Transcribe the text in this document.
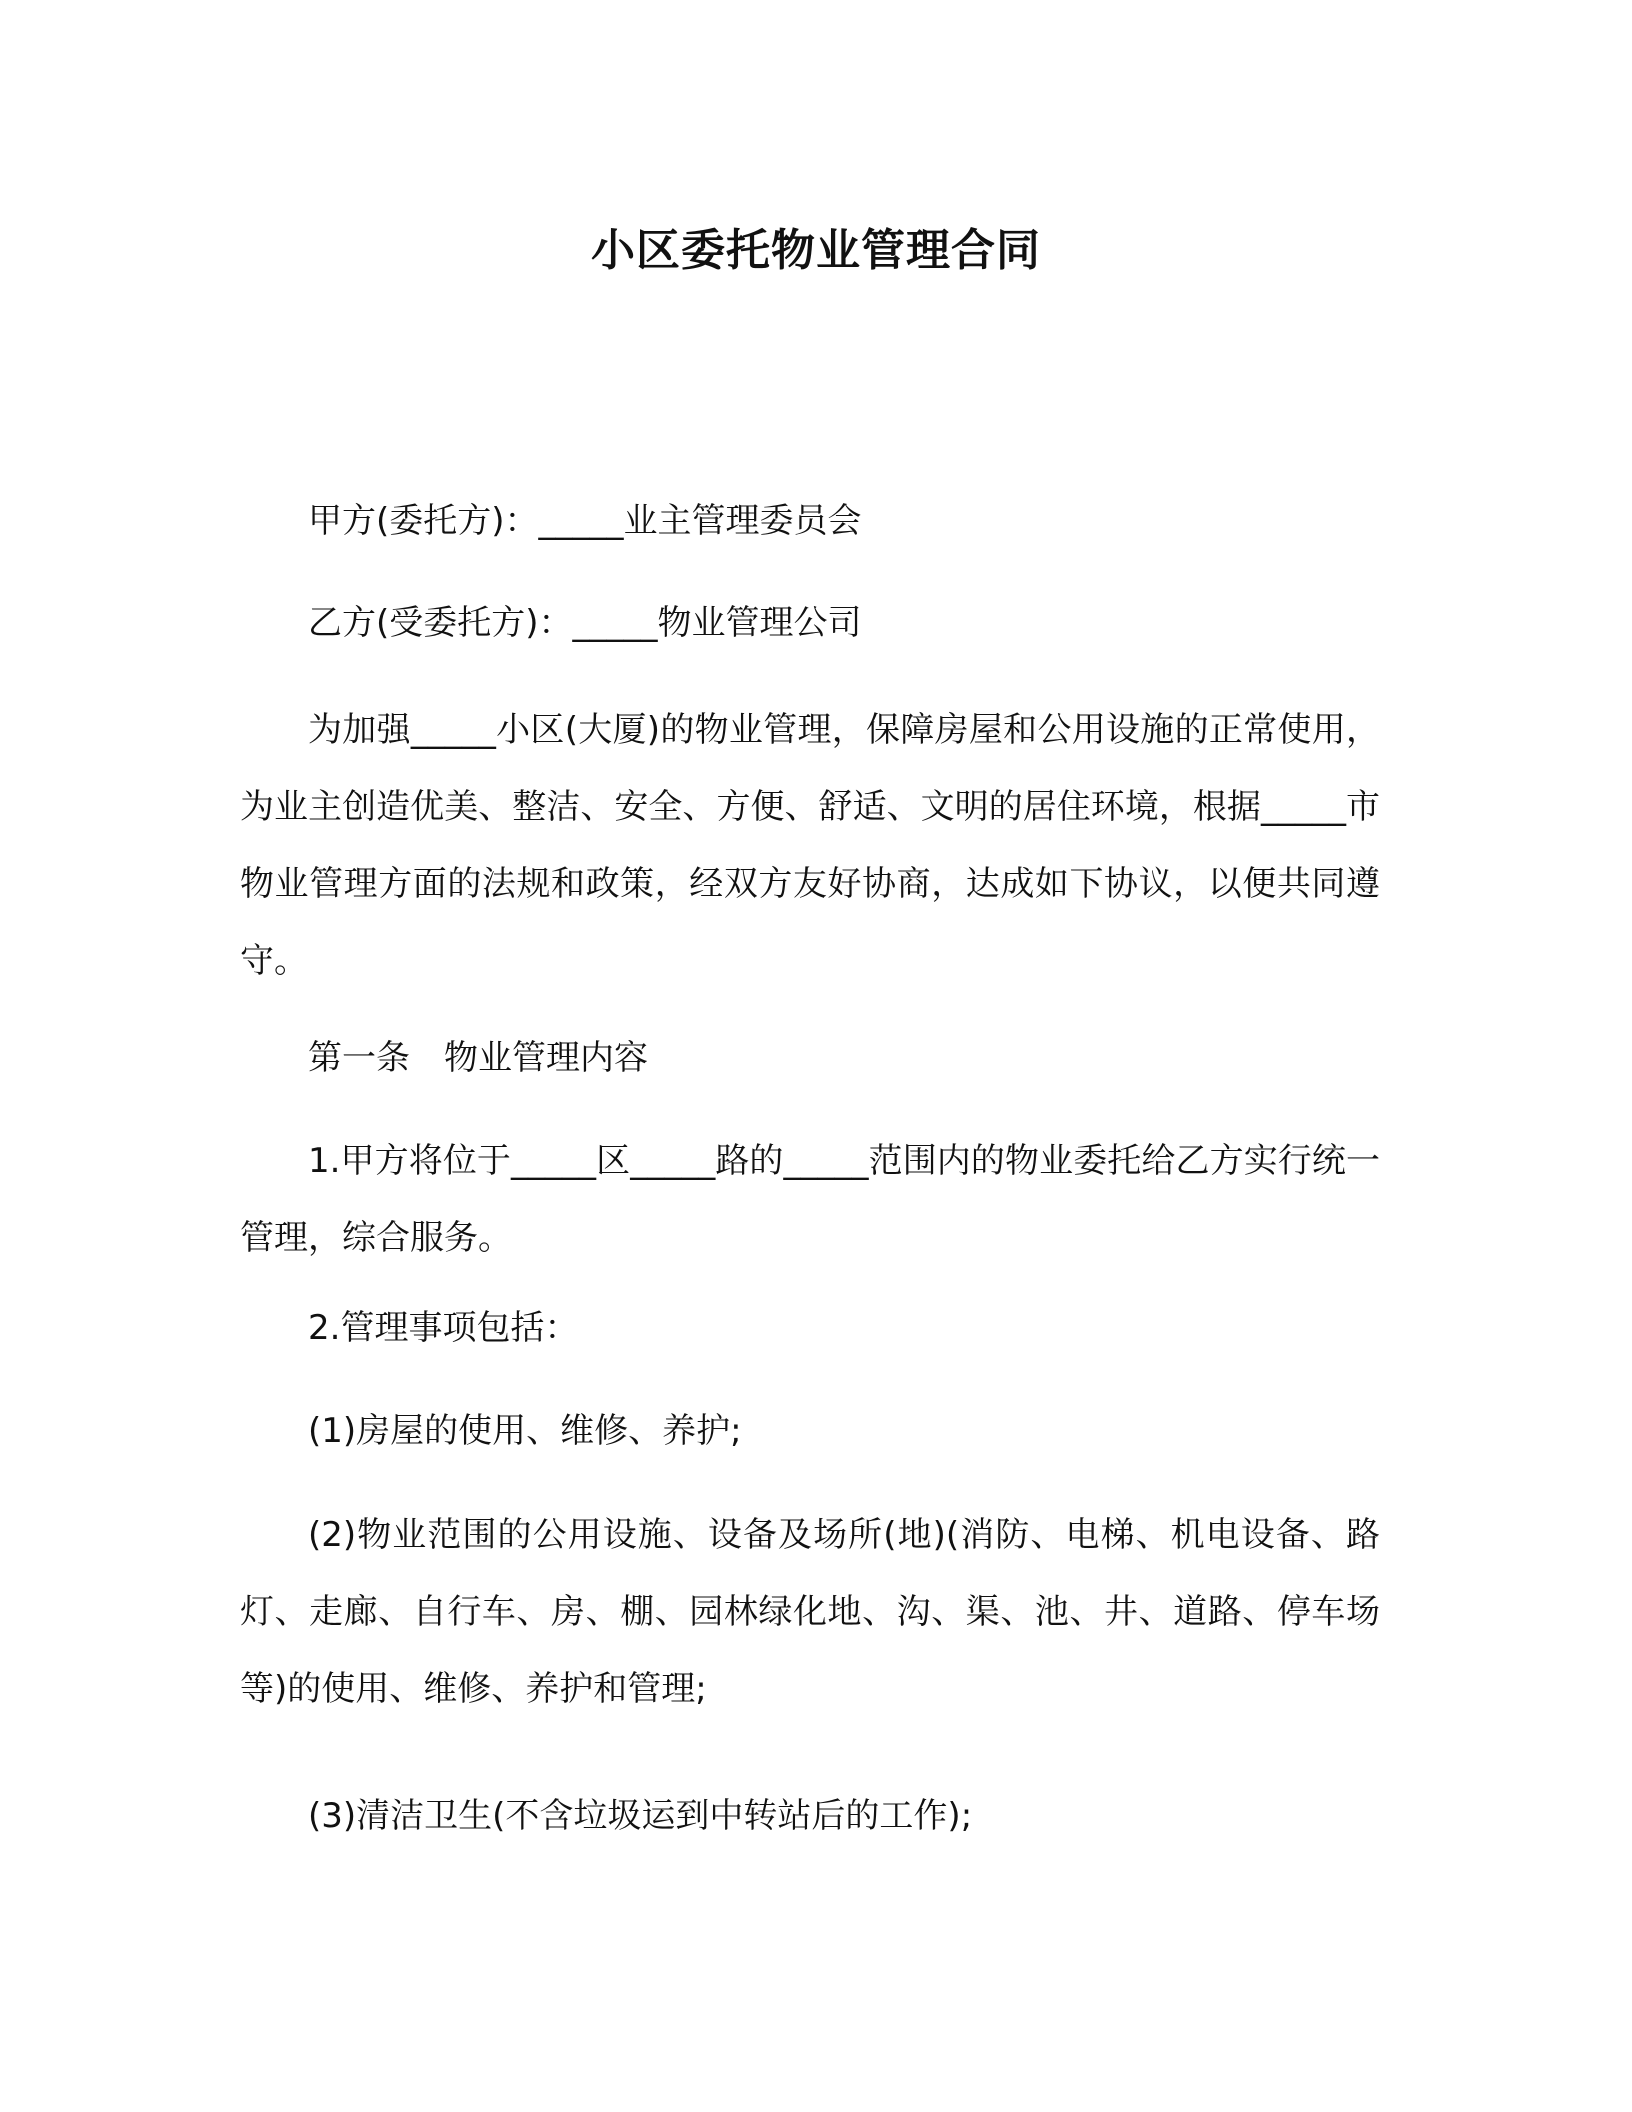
小区委托物业管理合同

甲方(委托方)：_____业主管理委员会

乙方(受委托方)：_____物业管理公司

为加强_____小区(大厦)的物业管理，保障房屋和公用设施的正常使用，为业主创造优美、整洁、安全、方便、舒适、文明的居住环境，根据_____市物业管理方面的法规和政策，经双方友好协商，达成如下协议，以便共同遵守。

第一条　物业管理内容

1.甲方将位于_____区_____路的_____范围内的物业委托给乙方实行统一管理，综合服务。

2.管理事项包括：

(1)房屋的使用、维修、养护;

(2)物业范围的公用设施、设备及场所(地)(消防、电梯、机电设备、路灯、走廊、自行车、房、棚、园林绿化地、沟、渠、池、井、道路、停车场等)的使用、维修、养护和管理;

(3)清洁卫生(不含垃圾运到中转站后的工作);
